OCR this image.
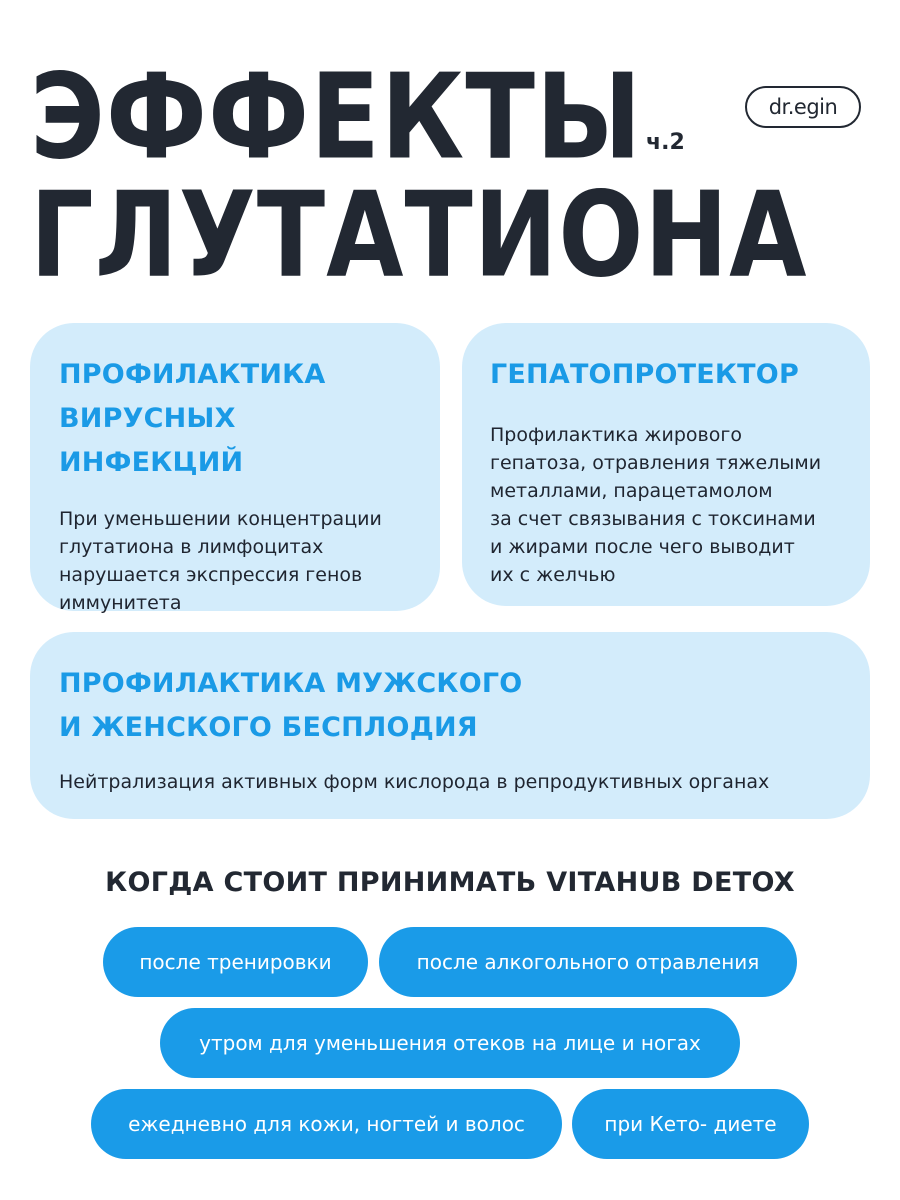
ЭФФЕКТЫ ч.2
dr.egin
ГЛУТАТИОНА
ПРОФИЛАКТИКА
ВИРУСНЫХ ИНФЕКЦИЙ
При уменьшении концентрации
глутатиона в лимфоцитах
нарушается экспрессия генов
иммунитета
ГЕПАТОПРОТЕКТОР
Профилактика жирового
гепатоза, отравления тяжелыми
металлами, парацетамолом
за счет связывания с токсинами
и жирами после чего выводит
их с желчью
ПРОФИЛАКТИКА МУЖСКОГО
И ЖЕНСКОГО БЕСПЛОДИЯ
Нейтрализация активных форм кислорода в репродуктивных органах
КОГДА СТОИТ ПРИНИМАТЬ VITAHUB DETOX
после тренировки	после алкогольного отравления
утром для уменьшения отеков на лице и ногах
ежедневно для кожи, ногтей и волос	при Кето- диете
